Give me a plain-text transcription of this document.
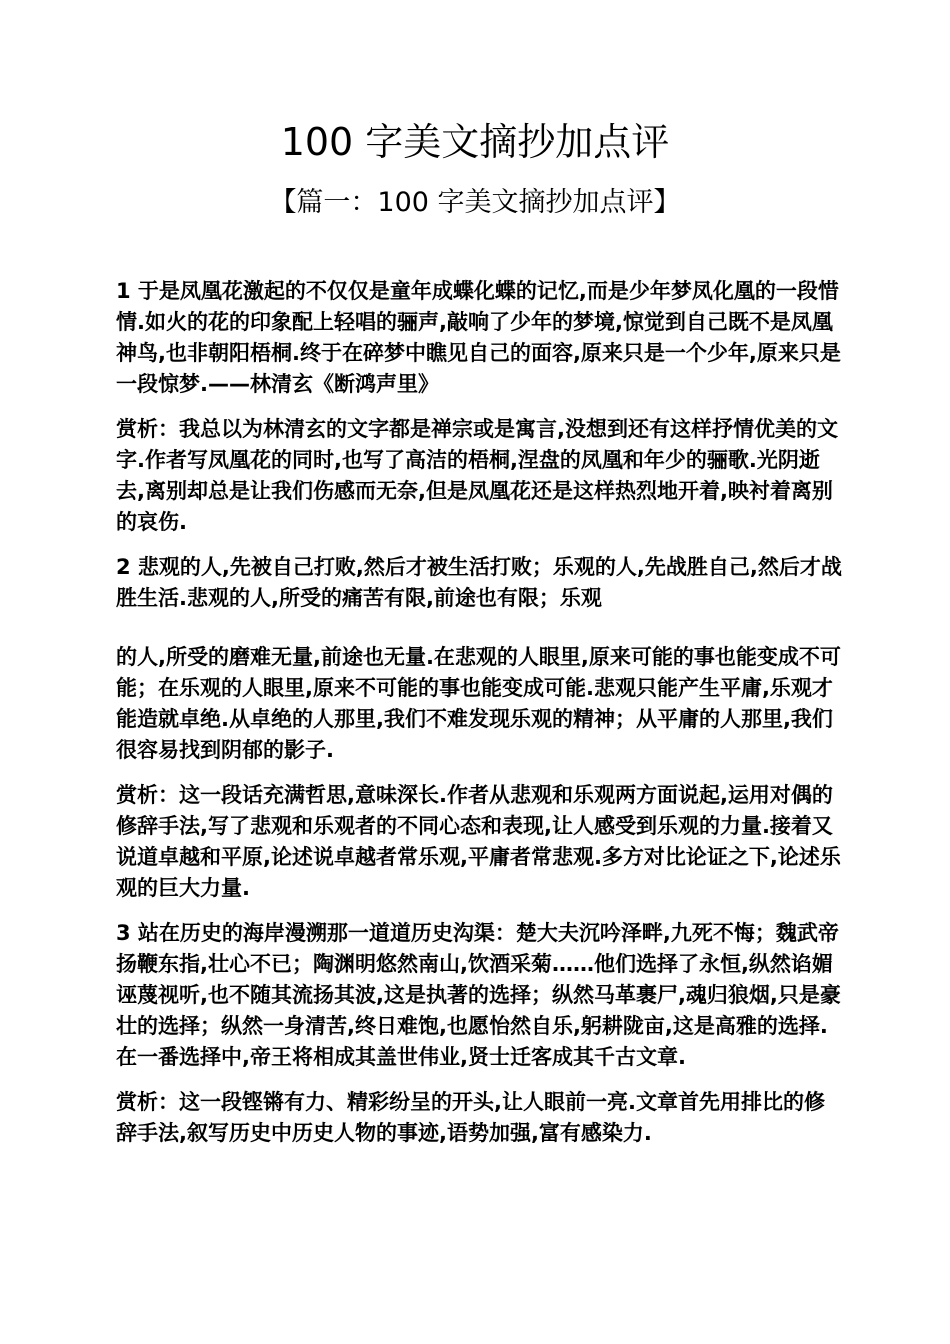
100 字美文摘抄加点评
【篇一：100 字美文摘抄加点评】

1 于是凤凰花激起的不仅仅是童年成蝶化蝶的记忆,而是少年梦凤化凰的一段惜情.如火的花的印象配上轻唱的骊声,敲响了少年的梦境,惊觉到自己既不是凤凰神鸟,也非朝阳梧桐.终于在碎梦中瞧见自己的面容,原来只是一个少年,原来只是一段惊梦.——林清玄《断鸿声里》

赏析：我总以为林清玄的文字都是禅宗或是寓言,没想到还有这样抒情优美的文字.作者写凤凰花的同时,也写了高洁的梧桐,涅盘的凤凰和年少的骊歌.光阴逝去,离别却总是让我们伤感而无奈,但是凤凰花还是这样热烈地开着,映衬着离别的哀伤.

2 悲观的人,先被自己打败,然后才被生活打败；乐观的人,先战胜自己,然后才战胜生活.悲观的人,所受的痛苦有限,前途也有限；乐观

的人,所受的磨难无量,前途也无量.在悲观的人眼里,原来可能的事也能变成不可能；在乐观的人眼里,原来不可能的事也能变成可能.悲观只能产生平庸,乐观才能造就卓绝.从卓绝的人那里,我们不难发现乐观的精神；从平庸的人那里,我们很容易找到阴郁的影子.

赏析：这一段话充满哲思,意味深长.作者从悲观和乐观两方面说起,运用对偶的修辞手法,写了悲观和乐观者的不同心态和表现,让人感受到乐观的力量.接着又说道卓越和平原,论述说卓越者常乐观,平庸者常悲观.多方对比论证之下,论述乐观的巨大力量.

3 站在历史的海岸漫溯那一道道历史沟渠：楚大夫沉吟泽畔,九死不悔；魏武帝扬鞭东指,壮心不已；陶渊明悠然南山,饮酒采菊……他们选择了永恒,纵然谄媚诬蔑视听,也不随其流扬其波,这是执著的选择；纵然马革裹尸,魂归狼烟,只是豪壮的选择；纵然一身清苦,终日难饱,也愿怡然自乐,躬耕陇亩,这是高雅的选择.在一番选择中,帝王将相成其盖世伟业,贤士迁客成其千古文章.

赏析：这一段铿锵有力、精彩纷呈的开头,让人眼前一亮.文章首先用排比的修辞手法,叙写历史中历史人物的事迹,语势加强,富有感染力.
